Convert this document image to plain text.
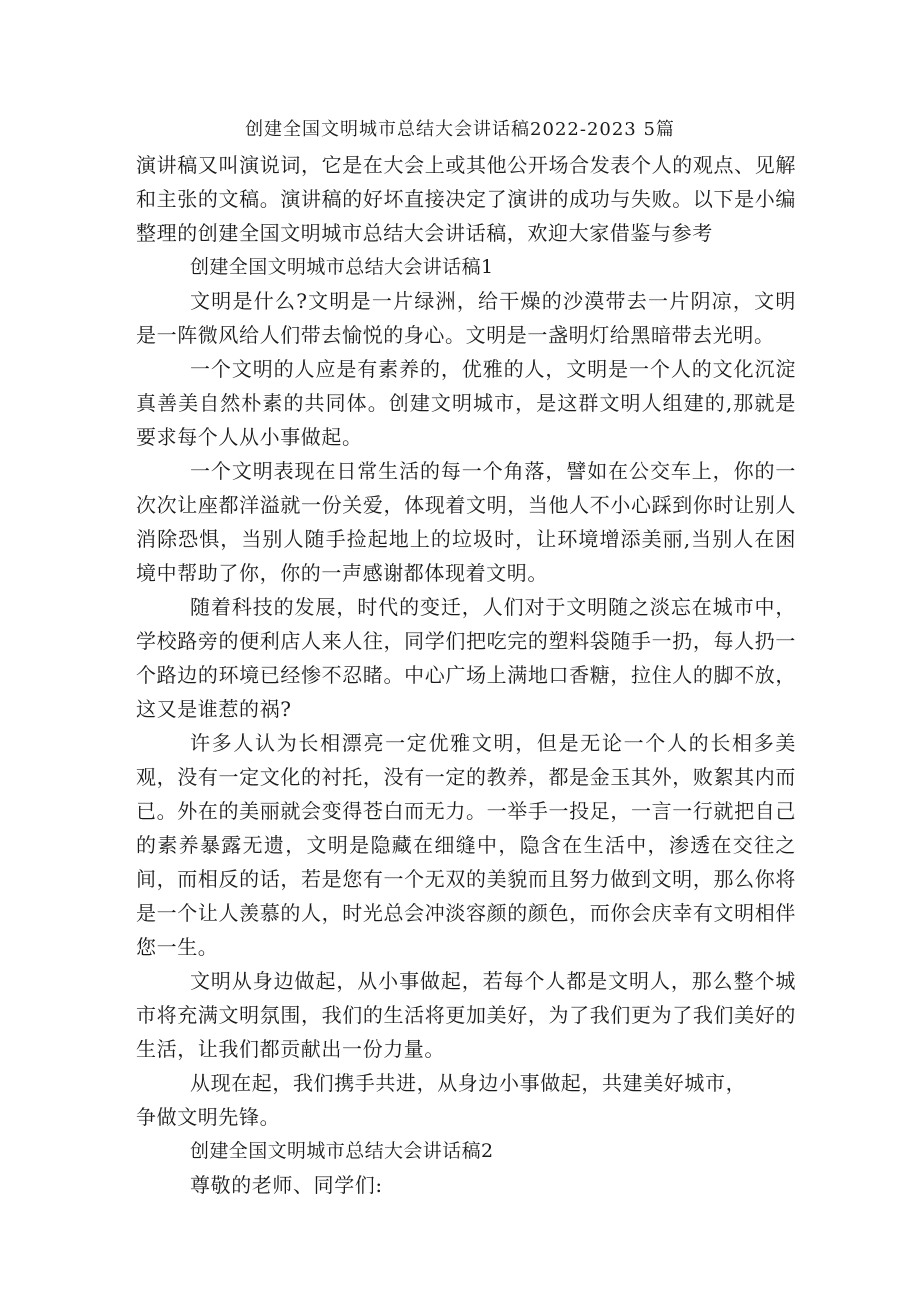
创建全国文明城市总结大会讲话稿2022-2023 5篇

演讲稿又叫演说词，它是在大会上或其他公开场合发表个人的观点、见解和主张的文稿。演讲稿的好坏直接决定了演讲的成功与失败。以下是小编整理的创建全国文明城市总结大会讲话稿，欢迎大家借鉴与参考

创建全国文明城市总结大会讲话稿1

文明是什么?文明是一片绿洲，给干燥的沙漠带去一片阴凉，文明是一阵微风给人们带去愉悦的身心。文明是一盏明灯给黑暗带去光明。

一个文明的人应是有素养的，优雅的人，文明是一个人的文化沉淀真善美自然朴素的共同体。创建文明城市，是这群文明人组建的,那就是要求每个人从小事做起。

一个文明表现在日常生活的每一个角落，譬如在公交车上，你的一次次让座都洋溢就一份关爱，体现着文明，当他人不小心踩到你时让别人消除恐惧，当别人随手捡起地上的垃圾时，让环境增添美丽,当别人在困境中帮助了你，你的一声感谢都体现着文明。

随着科技的发展，时代的变迁，人们对于文明随之淡忘在城市中，学校路旁的便利店人来人往，同学们把吃完的塑料袋随手一扔，每人扔一个路边的环境已经惨不忍睹。中心广场上满地口香糖，拉住人的脚不放，这又是谁惹的祸?

许多人认为长相漂亮一定优雅文明，但是无论一个人的长相多美观，没有一定文化的衬托，没有一定的教养，都是金玉其外，败絮其内而已。外在的美丽就会变得苍白而无力。一举手一投足，一言一行就把自己的素养暴露无遗，文明是隐藏在细缝中，隐含在生活中，渗透在交往之间，而相反的话，若是您有一个无双的美貌而且努力做到文明，那么你将是一个让人羡慕的人，时光总会冲淡容颜的颜色，而你会庆幸有文明相伴您一生。

文明从身边做起，从小事做起，若每个人都是文明人，那么整个城市将充满文明氛围，我们的生活将更加美好，为了我们更为了我们美好的生活，让我们都贡献出一份力量。

从现在起，我们携手共进，从身边小事做起，共建美好城市，

争做文明先锋。

创建全国文明城市总结大会讲话稿2

尊敬的老师、同学们:
